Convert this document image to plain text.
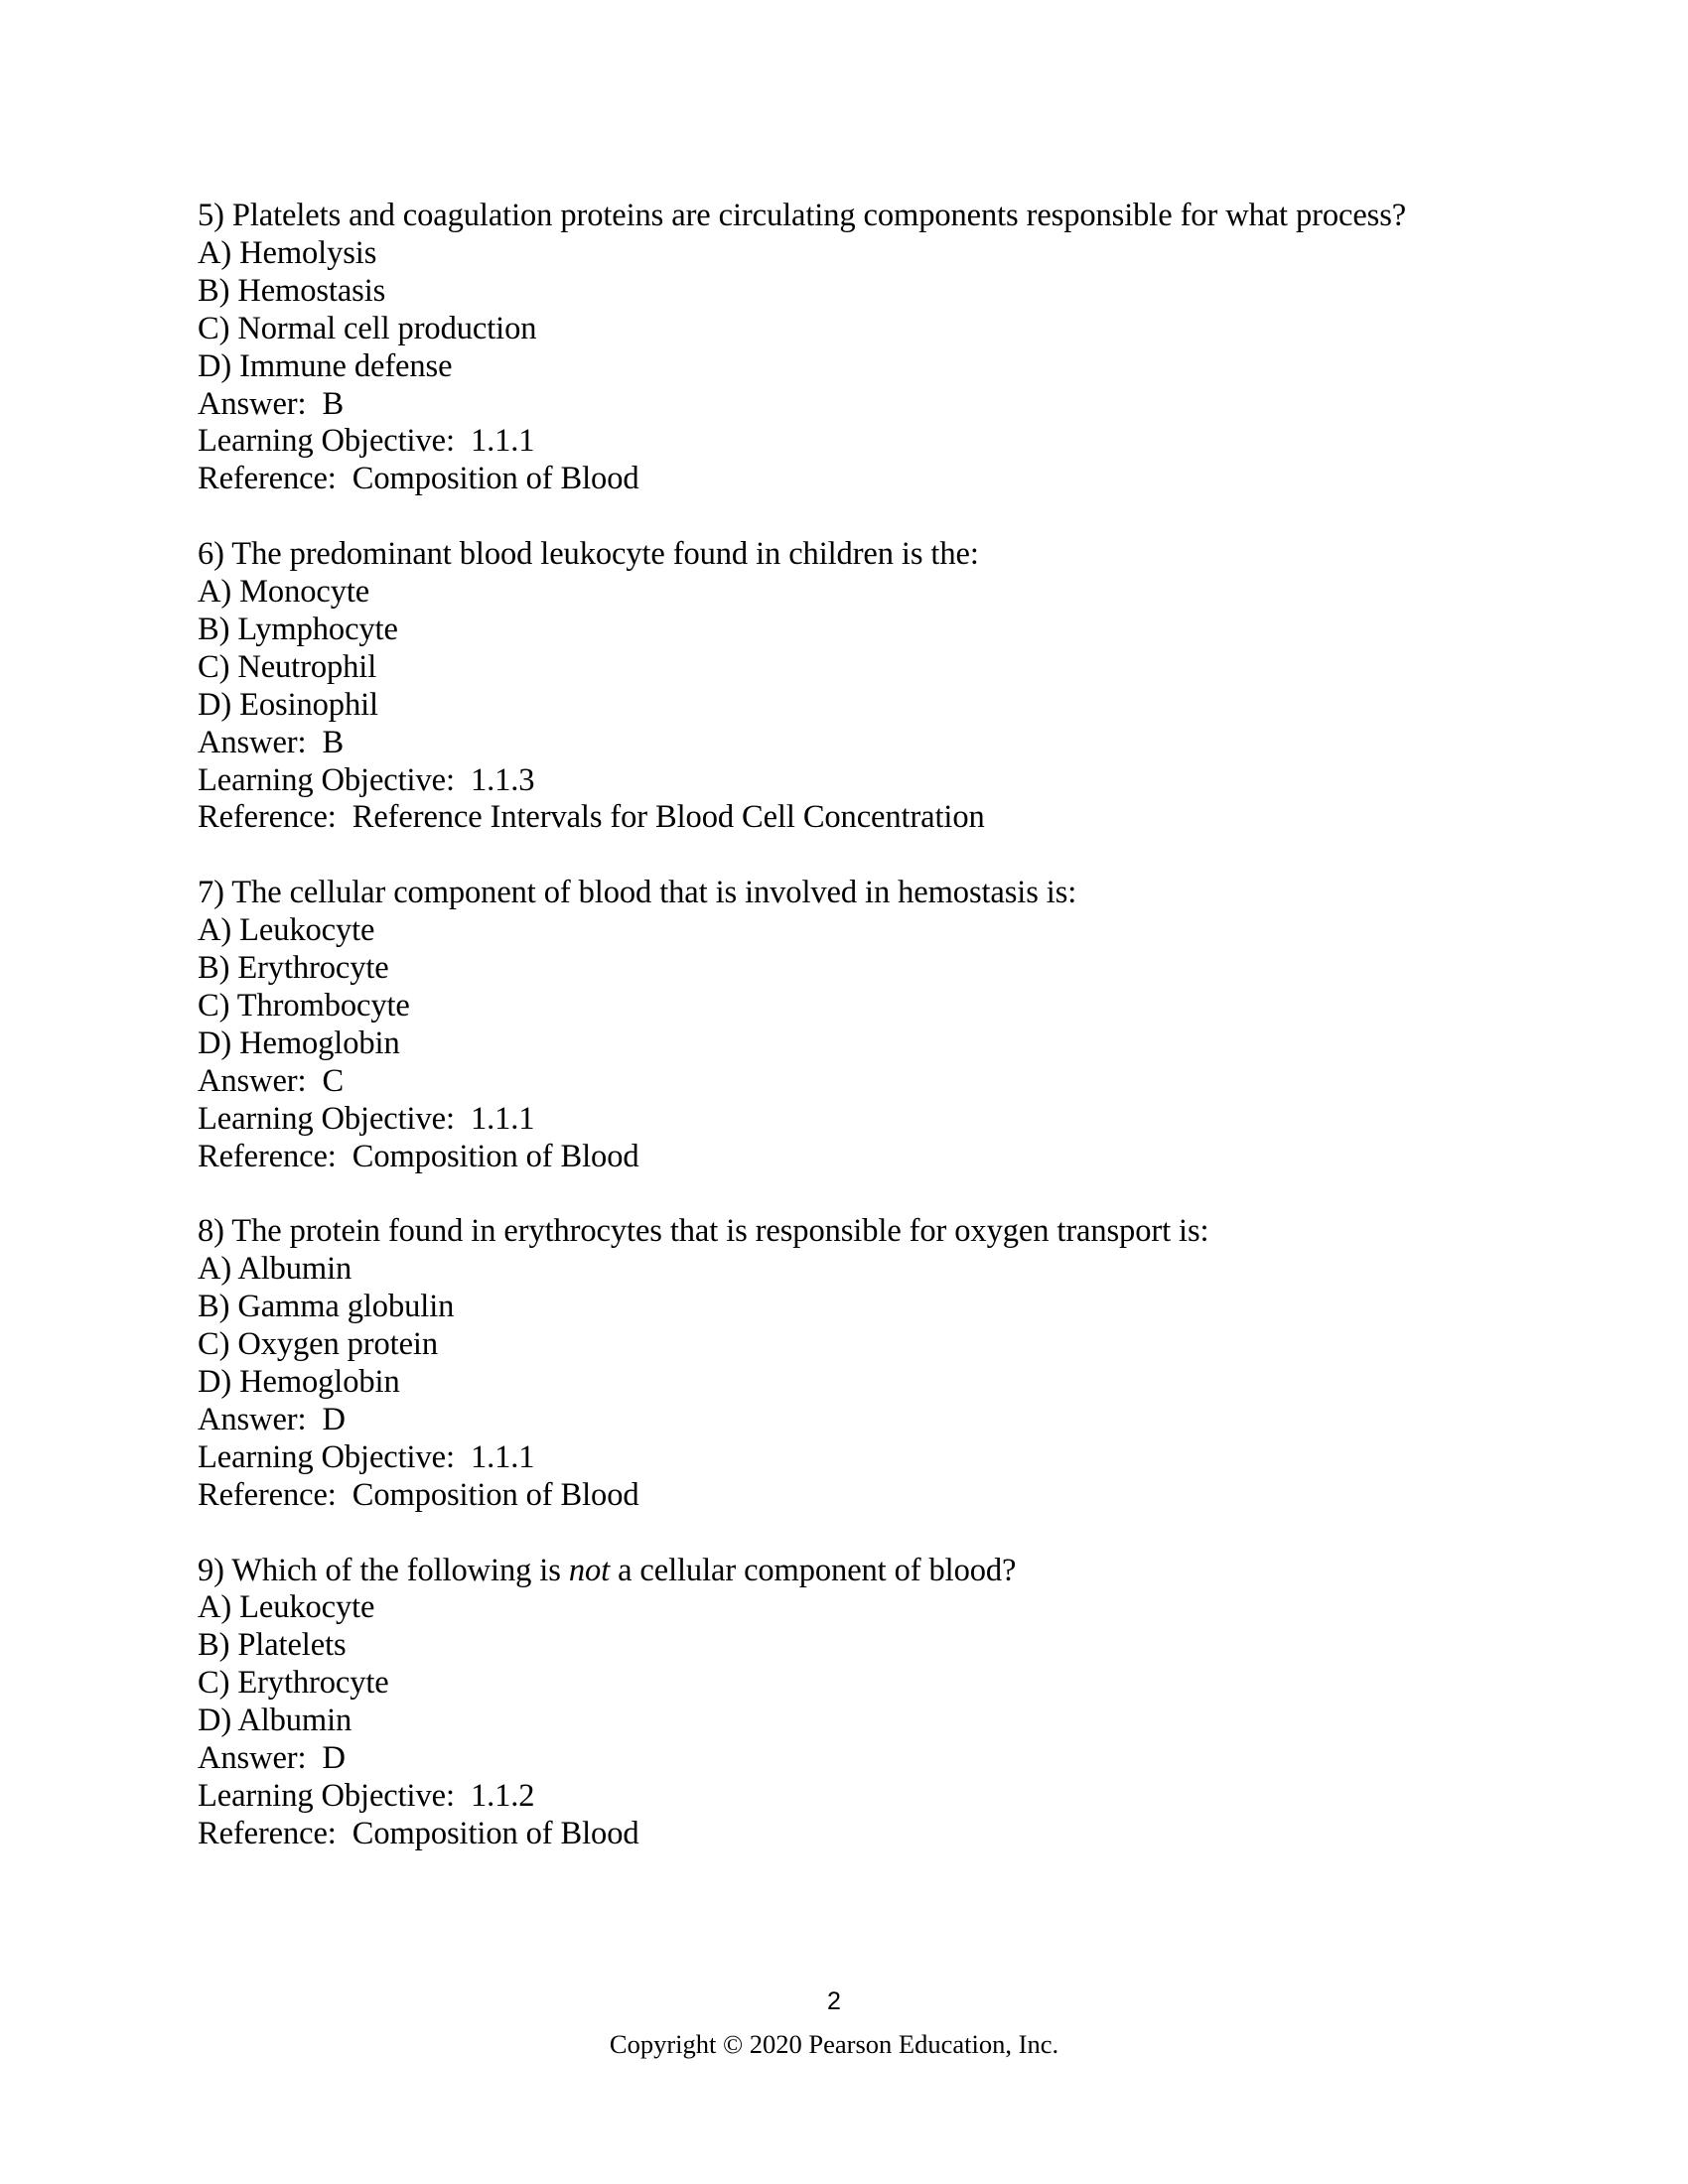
5) Platelets and coagulation proteins are circulating components responsible for what process?
A) Hemolysis
B) Hemostasis
C) Normal cell production
D) Immune defense
Answer:  B
Learning Objective:  1.1.1
Reference:  Composition of Blood
6) The predominant blood leukocyte found in children is the:
A) Monocyte
B) Lymphocyte
C) Neutrophil
D) Eosinophil
Answer:  B
Learning Objective:  1.1.3
Reference:  Reference Intervals for Blood Cell Concentration
7) The cellular component of blood that is involved in hemostasis is:
A) Leukocyte
B) Erythrocyte
C) Thrombocyte
D) Hemoglobin
Answer:  C
Learning Objective:  1.1.1
Reference:  Composition of Blood
8) The protein found in erythrocytes that is responsible for oxygen transport is:
A) Albumin
B) Gamma globulin
C) Oxygen protein
D) Hemoglobin
Answer:  D
Learning Objective:  1.1.1
Reference:  Composition of Blood
9) Which of the following is not a cellular component of blood?
A) Leukocyte
B) Platelets
C) Erythrocyte
D) Albumin
Answer:  D
Learning Objective:  1.1.2
Reference:  Composition of Blood
2
Copyright © 2020 Pearson Education, Inc.
